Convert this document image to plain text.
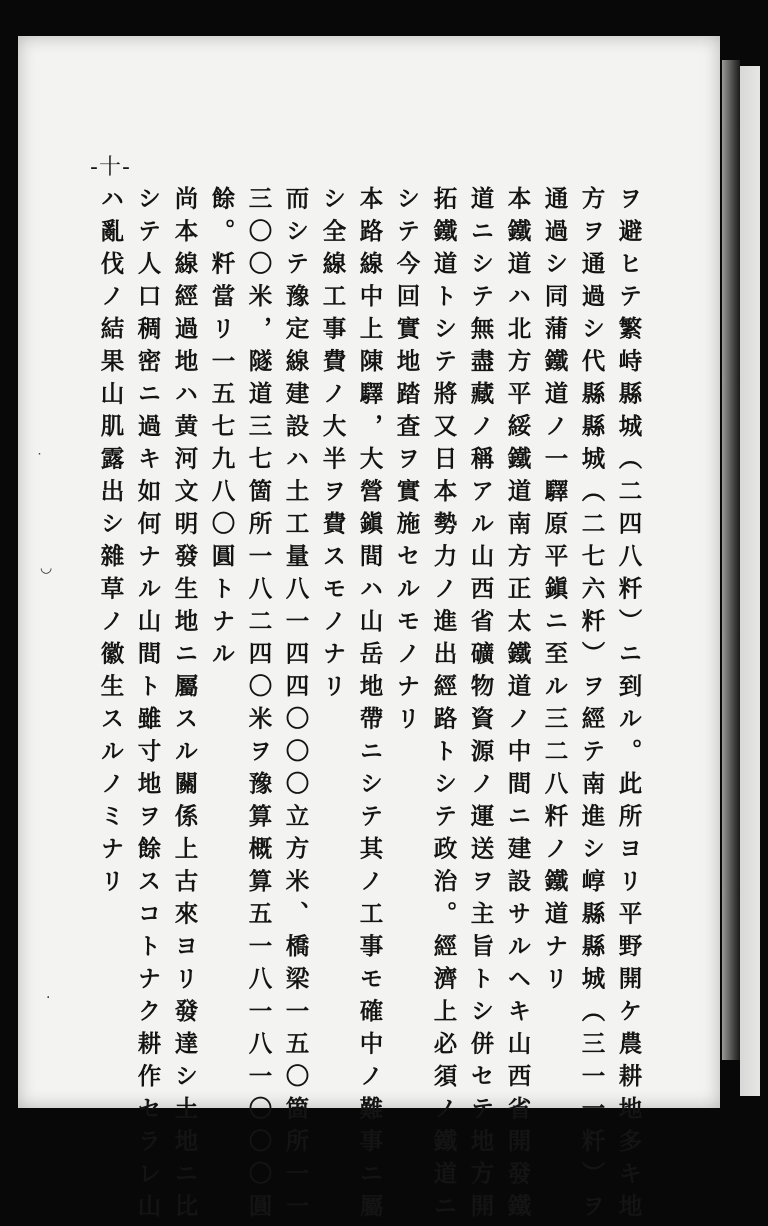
-十-
ヲ避ヒテ繁峙縣城（二四八粁）ニ到ル。此所ヨリ平野開ケ農耕地多キ地
方ヲ通過シ代縣縣城（二七六粁）ヲ經テ南進シ崞縣縣城（三一一粁）ヲ
通過シ同蒲鐵道ノ一驛原平鎭ニ至ル三二八粁ノ鐵道ナリ
本鐵道ハ北方平綏鐵道南方正太鐵道ノ中間ニ建設サルヘキ山西省開發鐵
道ニシテ無盡藏ノ稱アル山西省礦物資源ノ運送ヲ主旨トシ併セテ地方開
拓鐵道トシテ將又日本勢力ノ進出經路トシテ政治。經濟上必須ノ鐵道ニ
シテ今回實地踏査ヲ實施セルモノナリ
本路線中上陳驛，大營鎭間ハ山岳地帶ニシテ其ノ工事モ確中ノ難事ニ屬
シ全線工事費ノ大半ヲ費スモノナリ
而シテ豫定線建設ハ土工量八一四四〇〇〇立方米、橋梁一五〇箇所一一
三〇〇米，隧道三七箇所一八二四〇米ヲ豫算概算五一八一八一〇〇〇圓
餘。粁當リ一五七九八〇圓トナル
尚本線經過地ハ黄河文明發生地ニ屬スル關係上古來ヨリ發達シ土地ニ比
シテ人口稠密ニ過キ如何ナル山間ト雖寸地ヲ餘スコトナク耕作セラレ山
ハ亂伐ノ結果山肌露出シ雜草ノ徽生スルノミナリ
˙
◡
·
